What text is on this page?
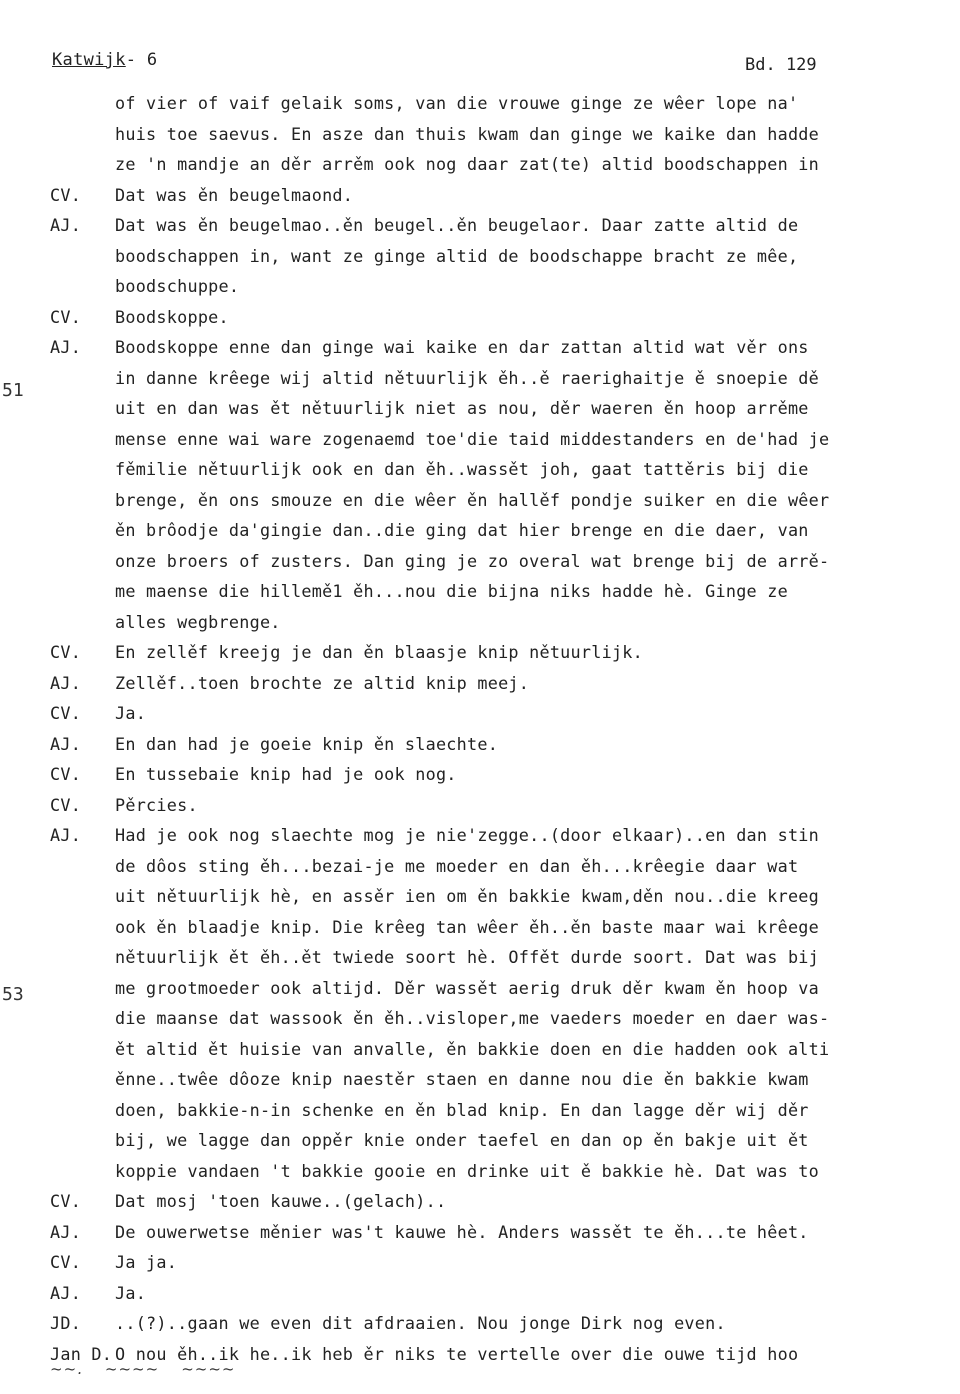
Katwijk- 6	Bd. 129
51
53
of vier of vaif gelaik soms, van die vrouwe ginge ze wêer lope na'
huis toe saevus. En asze dan thuis kwam dan ginge we kaike dan hadde
ze 'n mandje an děr arrěm ook nog daar zat(te) altid boodschappen in
CV. Dat was ěn beugelmaond.
AJ. Dat was ěn beugelmao..ěn beugel..ěn beugelaor. Daar zatte altid de
boodschappen in, want ze ginge altid de boodschappe bracht ze mêe,
boodschuppe.
CV. Boodskoppe.
AJ. Boodskoppe enne dan ginge wai kaike en dar zattan altid wat věr ons
in danne krêege wij altid nětuurlijk ěh..ě raerighaitje ě snoepie dě
uit en dan was ět nětuurlijk niet as nou, děr waeren ěn hoop arrěme
mense enne wai ware zogenaemd toe'die taid middestanders en de'had je
fěmilie nětuurlijk ook en dan ěh..wassět joh, gaat tattěris bij die
brenge, ěn ons smouze en die wêer ěn hallěf pondje suiker en die wêer
ěn brôodje da'gingie dan..die ging dat hier brenge en die daer, van
onze broers of zusters. Dan ging je zo overal wat brenge bij de arrě-
me maense die hillemě1 ěh...nou die bijna niks hadde hè. Ginge ze
alles wegbrenge.
CV. En zellěf kreejg je dan ěn blaasje knip nětuurlijk.
AJ. Zellěf..toen brochte ze altid knip meej.
CV. Ja.
AJ. En dan had je goeie knip ěn slaechte.
CV. En tussebaie knip had je ook nog.
CV. Pěrcies.
AJ. Had je ook nog slaechte mog je nie'zegge..(door elkaar)..en dan stin
de dôos sting ěh...bezai-je me moeder en dan ěh...krêegie daar wat
uit nětuurlijk hè, en assěr ien om ěn bakkie kwam,děn nou..die kreeg
ook ěn blaadje knip. Die krêeg tan wêer ěh..ěn baste maar wai krêege
nětuurlijk ět ěh..ět twiede soort hè. Offět durde soort. Dat was bij
me grootmoeder ook altijd. Děr wassět aerig druk děr kwam ěn hoop va
die maanse dat wassook ěn ěh..visloper,me vaeders moeder en daer was-
ět altid ět huisie van anvalle, ěn bakkie doen en die hadden ook alti
ěnne..twêe dôoze knip naestěr staen en danne nou die ěn bakkie kwam
doen, bakkie-n-in schenke en ěn blad knip. En dan lagge děr wij děr
bij, we lagge dan oppěr knie onder taefel en dan op ěn bakje uit ět
koppie vandaen 't bakkie gooie en drinke uit ě bakkie hè. Dat was to
CV. Dat mosj 'toen kauwe..(gelach)..
AJ. De ouwerwetse měnier was't kauwe hè. Anders wassět te ěh...te hêet.
CV. Ja ja.
AJ. Ja.
JD. ..(?)..gaan we even dit afdraaien. Nou jonge Dirk nog even.
Jan D. O nou ěh..ik he..ik heb ěr niks te vertelle over die ouwe tijd hoo
~~. ~~~~ ~~~~
